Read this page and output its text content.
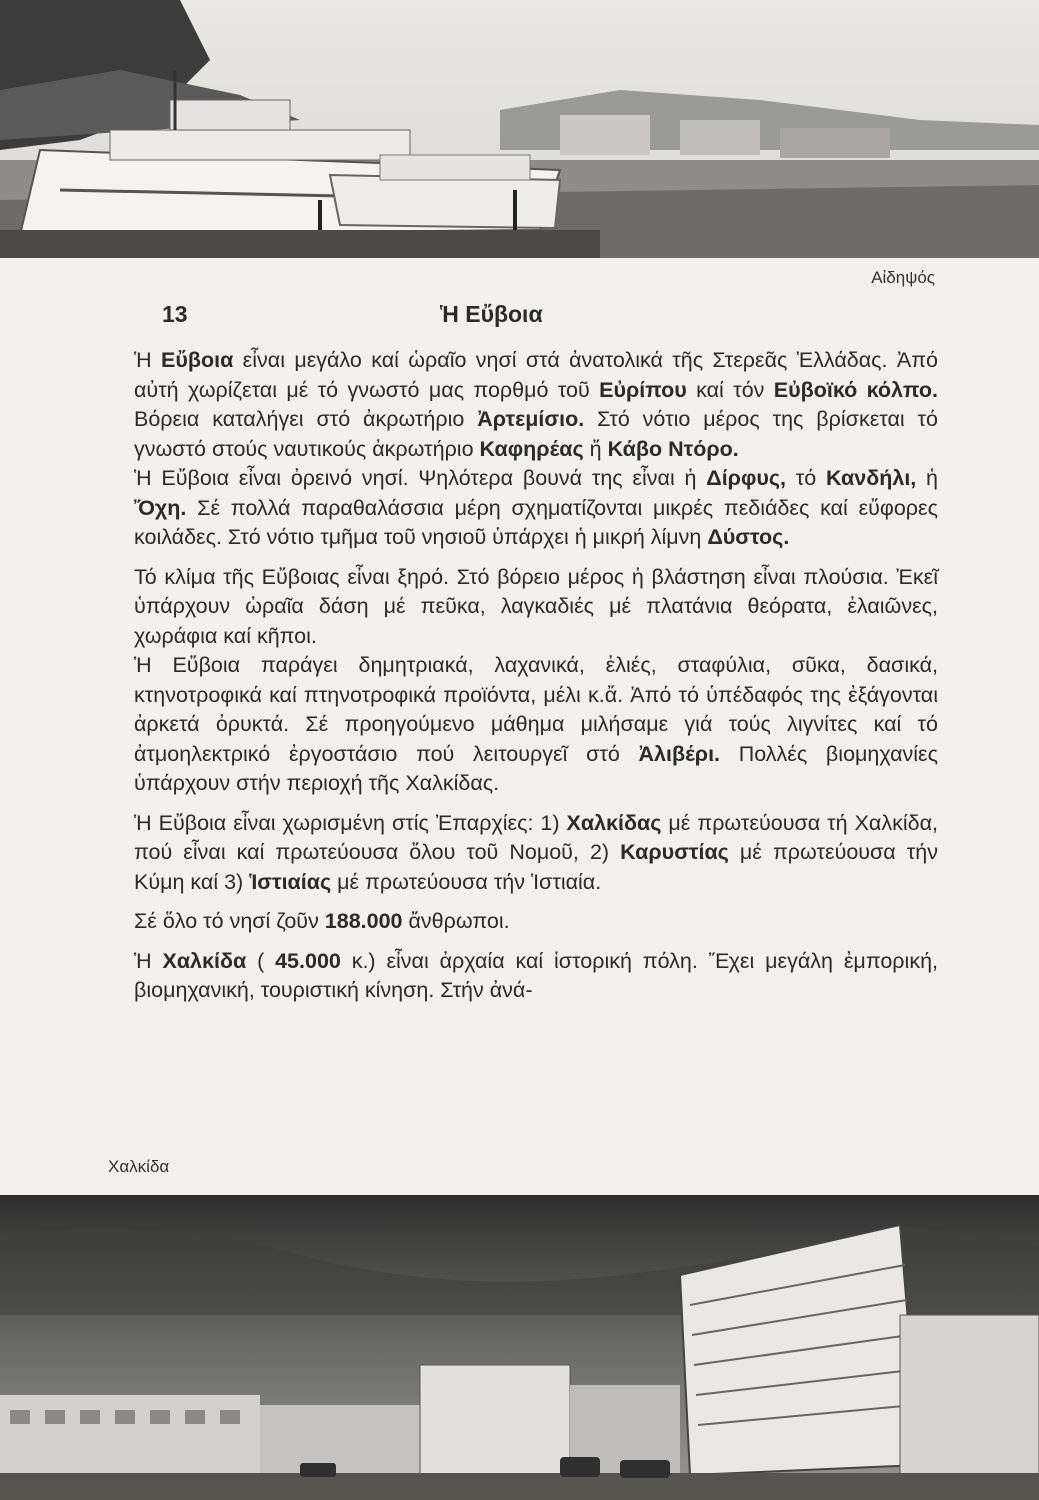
Αἰδηψός
13	Ἡ Εὔβοια

Ἡ Εὔβοια εἶναι μεγάλο καί ὡραῖο νησί στά ἀνατολικά τῆς Στερεᾶς Ἑλλάδας. Ἀπό αὐτή χωρίζεται μέ τό γνωστό μας πορθμό τοῦ Εὐρίπου καί τόν Εὐβοϊκό κόλπο. Βόρεια καταλήγει στό ἀκρωτήριο Ἀρτεμίσιο. Στό νότιο μέρος της βρίσκεται τό γνωστό στούς ναυτικούς ἀκρωτήριο Καφηρέας ἤ Κάβο Ντόρο.

Ἡ Εὔβοια εἶναι ὀρεινό νησί. Ψηλότερα βουνά της εἶναι ἡ Δίρφυς, τό Κανδήλι, ἡ Ὄχη. Σέ πολλά παραθαλάσσια μέρη σχηματίζονται μικρές πεδιάδες καί εὔφορες κοιλάδες. Στό νότιο τμῆμα τοῦ νησιοῦ ὑπάρχει ἡ μικρή λίμνη Δύστος.

Τό κλίμα τῆς Εὔβοιας εἶναι ξηρό. Στό βόρειο μέρος ἡ βλάστηση εἶναι πλούσια. Ἐκεῖ ὑπάρχουν ὡραῖα δάση μέ πεῦκα, λαγκαδιές μέ πλατάνια θεόρατα, ἐλαιῶνες, χωράφια καί κῆποι.

Ἡ Εὔβοια παράγει δημητριακά, λαχανικά, ἐλιές, σταφύλια, σῦκα, δασικά, κτηνοτροφικά καί πτηνοτροφικά προϊόντα, μέλι κ.ἄ. Ἀπό τό ὑπέδαφός της ἐξάγονται ἀρκετά ὀρυκτά. Σέ προηγούμενο μάθημα μιλήσαμε γιά τούς λιγνίτες καί τό ἀτμοηλεκτρικό ἐργοστάσιο πού λειτουργεῖ στό Ἀλιβέρι. Πολλές βιομηχανίες ὑπάρχουν στήν περιοχή τῆς Χαλκίδας.

Ἡ Εὔβοια εἶναι χωρισμένη στίς Ἐπαρχίες: 1) Χαλκίδας μέ πρωτεύουσα τή Χαλκίδα, πού εἶναι καί πρωτεύουσα ὅλου τοῦ Νομοῦ, 2) Καρυστίας μέ πρωτεύουσα τήν Κύμη καί 3) Ἱστιαίας μέ πρωτεύουσα τήν Ἱστιαία.

Σέ ὅλο τό νησί ζοῦν 188.000 ἄνθρωποι.

Ἡ Χαλκίδα ( 45.000 κ.) εἶναι ἀρχαία καί ἱστορική πόλη. Ἔχει μεγάλη ἐμπορική, βιομηχανική, τουριστική κίνηση. Στήν ἀνά-

Χαλκίδα
